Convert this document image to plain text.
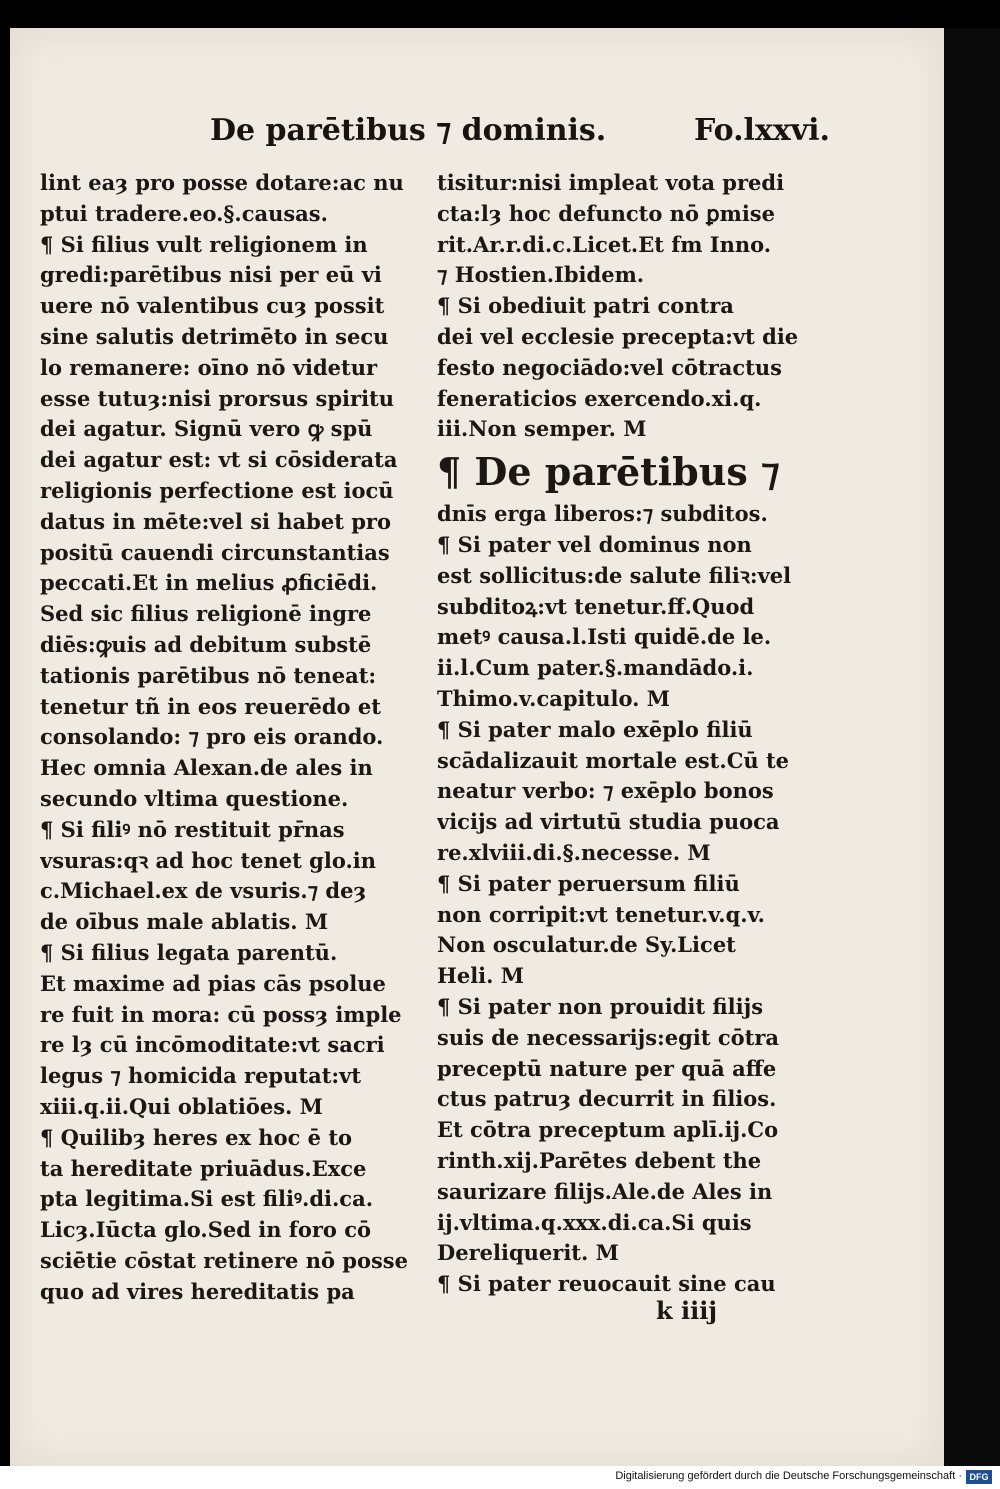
De parētibus ⁊ dominis.	Fo.lxxvi.
lint eaȝ pro posse dotare:ac nu
ptui tradere.eo.§.causas.
¶ Si filius vult religionem in
gredi:parētibus nisi per eū vi
uere nō valentibus cuȝ possit
sine salutis detrimēto in secu
lo remanere: oīno nō videtur
esse tutuȝ:nisi prorsus spiritu
dei agatur. Signū vero ꝙ spū
dei agatur est: vt si cōsiderata
religionis perfectione est iocū
datus in mēte:vel si habet pro
positū cauendi circunstantias
peccati.Et in melius ꝓficiēdi.
Sed sic filius religionē ingre
diēs:ꝙuis ad debitum substē
tationis parētibus nō teneat:
tenetur tñ in eos reuerēdo et
consolando: ⁊ pro eis orando.
Hec omnia Alexan.de ales in
secundo vltima questione.
¶ Si filiꝰ nō restituit pr̄nas
vsuras:qꝛ ad hoc tenet glo.in
c.Michael.ex de vsuris.⁊ deȝ
de oībus male ablatis. M
¶ Si filius legata parentū.
Et maxime ad pias cās psolue
re fuit in mora: cū possȝ imple
re lȝ cū incōmoditate:vt sacri
legus ⁊ homicida reputat:vt
xiii.q.ii.Qui oblatiōes. M
¶ Quilibȝ heres ex hoc ē to
ta hereditate priuādus.Exce
pta legitima.Si est filiꝰ.di.ca.
Licȝ.Iūcta glo.Sed in foro cō
sciētie cōstat retinere nō posse
quo ad vires hereditatis pa
tisitur:nisi impleat vota predi
cta:lȝ hoc defuncto nō ꝑmise
rit.Ar.r.di.c.Licet.Et fm Inno.
⁊ Hostien.Ibidem.
¶ Si obediuit patri contra
dei vel ecclesie precepta:vt die
festo negociādo:vel cōtractus
feneraticios exercendo.xi.q.
iii.Non semper. M
¶ De parētibus ⁊
dnīs erga liberos:⁊ subditos.
¶ Si pater vel dominus non
est sollicitus:de salute filiꝛ:vel
subditoꝝ:vt tenetur.ff.Quod
metꝰ causa.l.Isti quidē.de le.
ii.l.Cum pater.§.mandādo.i.
Thimo.v.capitulo. M
¶ Si pater malo exēplo filiū
scādalizauit mortale est.Cū te
neatur verbo: ⁊ exēplo bonos
vicijs ad virtutū studia puoca
re.xlviii.di.§.necesse. M
¶ Si pater peruersum filiū
non corripit:vt tenetur.v.q.v.
Non osculatur.de Sy.Licet
Heli. M
¶ Si pater non prouidit filijs
suis de necessarijs:egit cōtra
preceptū nature per quā affe
ctus patruȝ decurrit in filios.
Et cōtra preceptum aplī.ij.Co
rinth.xij.Parētes debent the
saurizare filijs.Ale.de Ales in
ij.vltima.q.xxx.di.ca.Si quis
Dereliquerit. M
¶ Si pater reuocauit sine cau
k iiij
Digitalisierung gefördert durch die Deutsche Forschungsgemeinschaft · DFG
